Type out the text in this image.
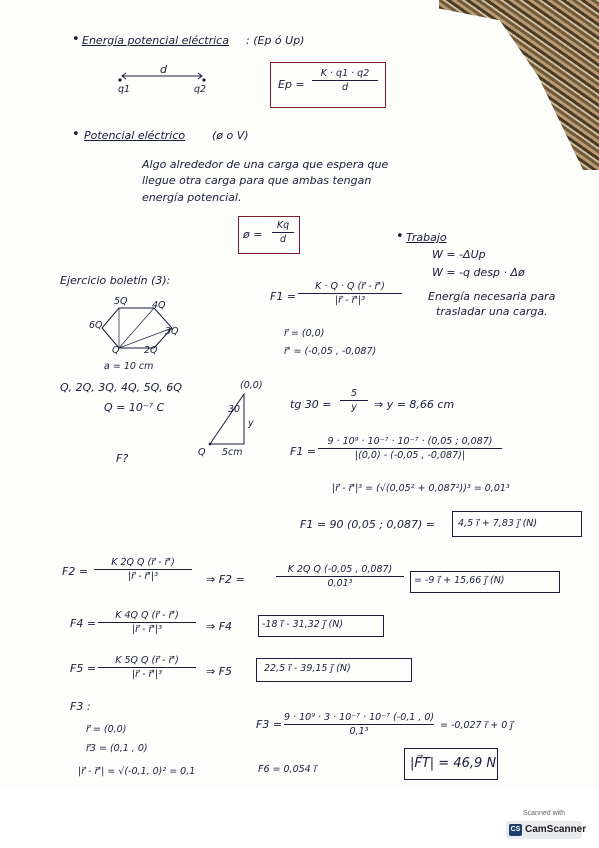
• Energía potencial eléctrica : (Ep ó Up)
d
q1	q2	Ep =
K · q1 · q2
d
• Potencial eléctrico (ø o V)
Algo alrededor de una carga que espera que
llegue otra carga para que ambas tengan
energía potencial.
ø =
Kq
d	• Trabajo
W = -ΔUp
W = -q desp · Δø
Energía necesaria para
trasladar una carga.
Ejercicio boletín (3):
5Q	4Q
6Q
3Q
Q	2Q
a = 10 cm
Q, 2Q, 3Q, 4Q, 5Q, 6Q
Q = 10⁻⁷ C
F?
(0,0)
30
y
5cm
Q
tg 30 =
5
y	⇒ y = 8,66 cm
F1 =
K · Q · Q (r⃗ - r⃗')
|r⃗ - r⃗'|³
r⃗ = (0,0)
r⃗' = (-0,05 , -0,087)
F1 =
9 · 10⁹ · 10⁻⁷ · 10⁻⁷ · (0,05 ; 0,087)
|(0,0) - (-0,05 , -0,087)|
|r⃗ - r⃗'|³ = (√(0,05² + 0,087²))³ = 0,01³
F1 = 90 (0,05 ; 0,087) = 4,5 i⃗ + 7,83 j⃗ (N)
F2 =
K 2Q Q (r⃗ - r⃗')
|r⃗ - r⃗'|³	⇒ F2 =
K 2Q Q (-0,05 , 0,087)
0,01³	= -9 i⃗ + 15,66 j⃗ (N)
F4 =
K 4Q Q (r⃗ - r⃗')
|r⃗ - r⃗'|³	⇒ F4	-18 i⃗ - 31,32 j⃗ (N)
F5 =
K 5Q Q (r⃗ - r⃗')
|r⃗ - r⃗'|³	⇒ F5	22,5 i⃗ - 39,15 j⃗ (N)
F3 :
r⃗ = (0,0)
r⃗3 = (0,1 , 0)
|r⃗ - r⃗'| = √(-0,1, 0)² = 0,1
F3 =
9 · 10⁹ · 3 · 10⁻⁷ · 10⁻⁷ (-0,1 , 0)
0,1³
= -0,027 i⃗ + 0 j⃗
F6 = 0,054 i⃗	|F⃗T| = 46,9 N
Scanned with
CS CamScanner
